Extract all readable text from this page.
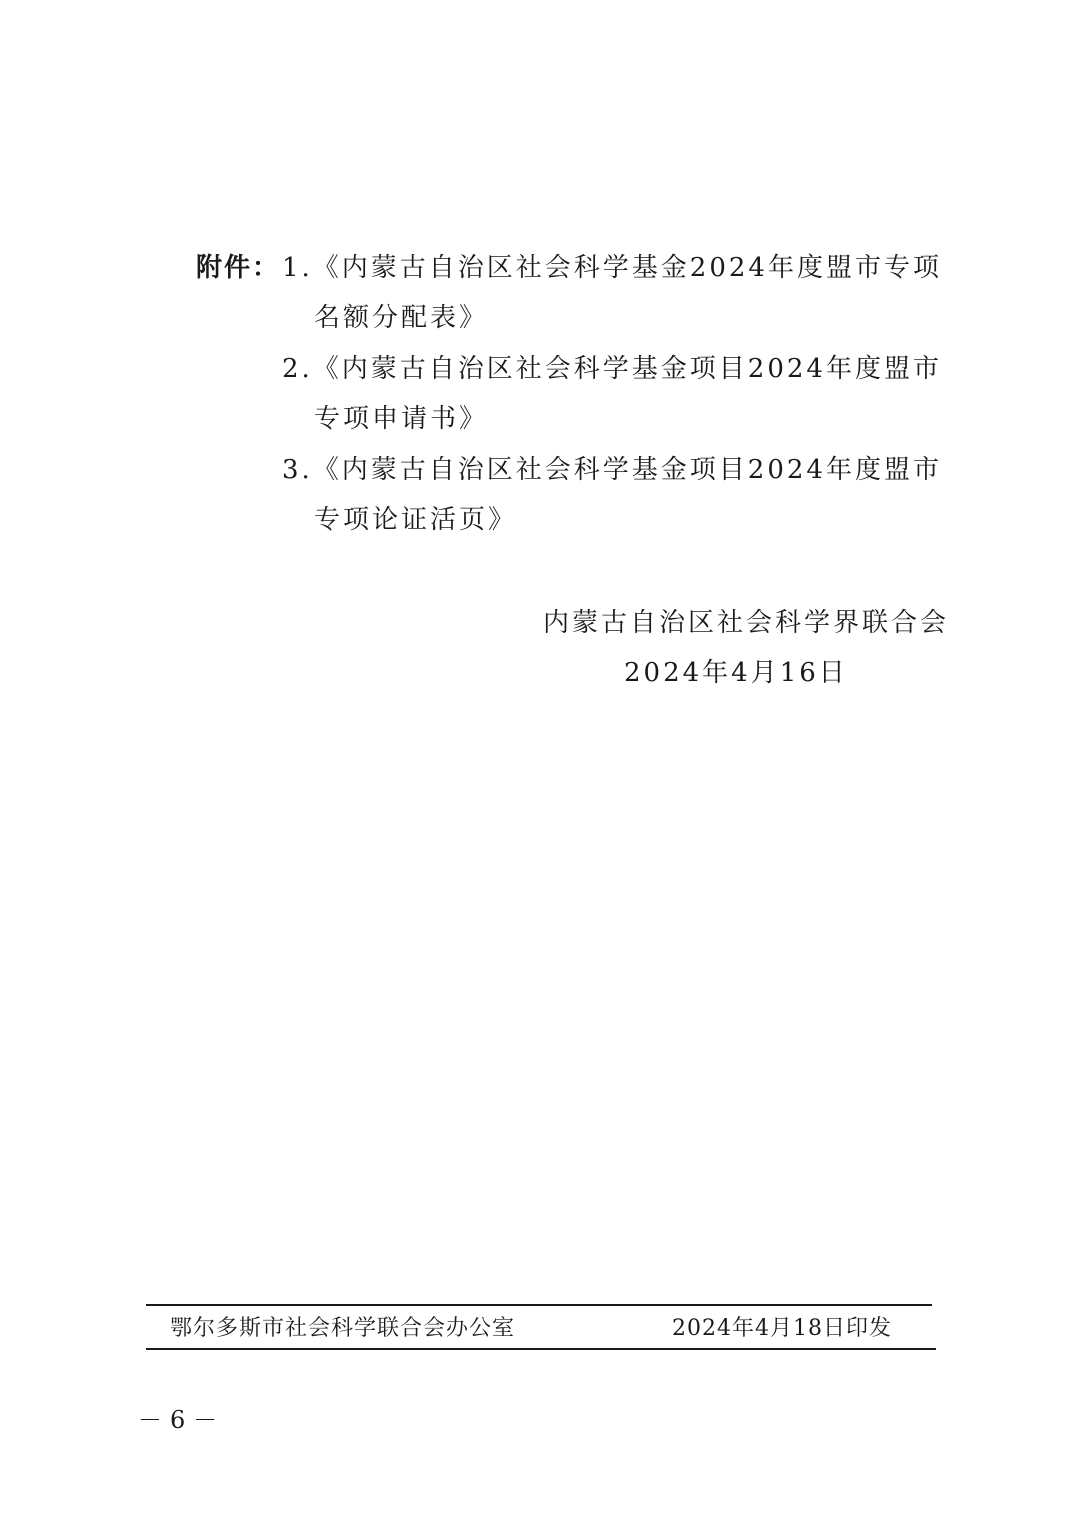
附件： 1.《内蒙古自治区社会科学基金2024年度盟市专项
名额分配表》
2.《内蒙古自治区社会科学基金项目2024年度盟市
专项申请书》
3.《内蒙古自治区社会科学基金项目2024年度盟市
专项论证活页》
内蒙古自治区社会科学界联合会
2024年4月16日
鄂尔多斯市社会科学联合会办公室	2024年4月18日印发
－6－
